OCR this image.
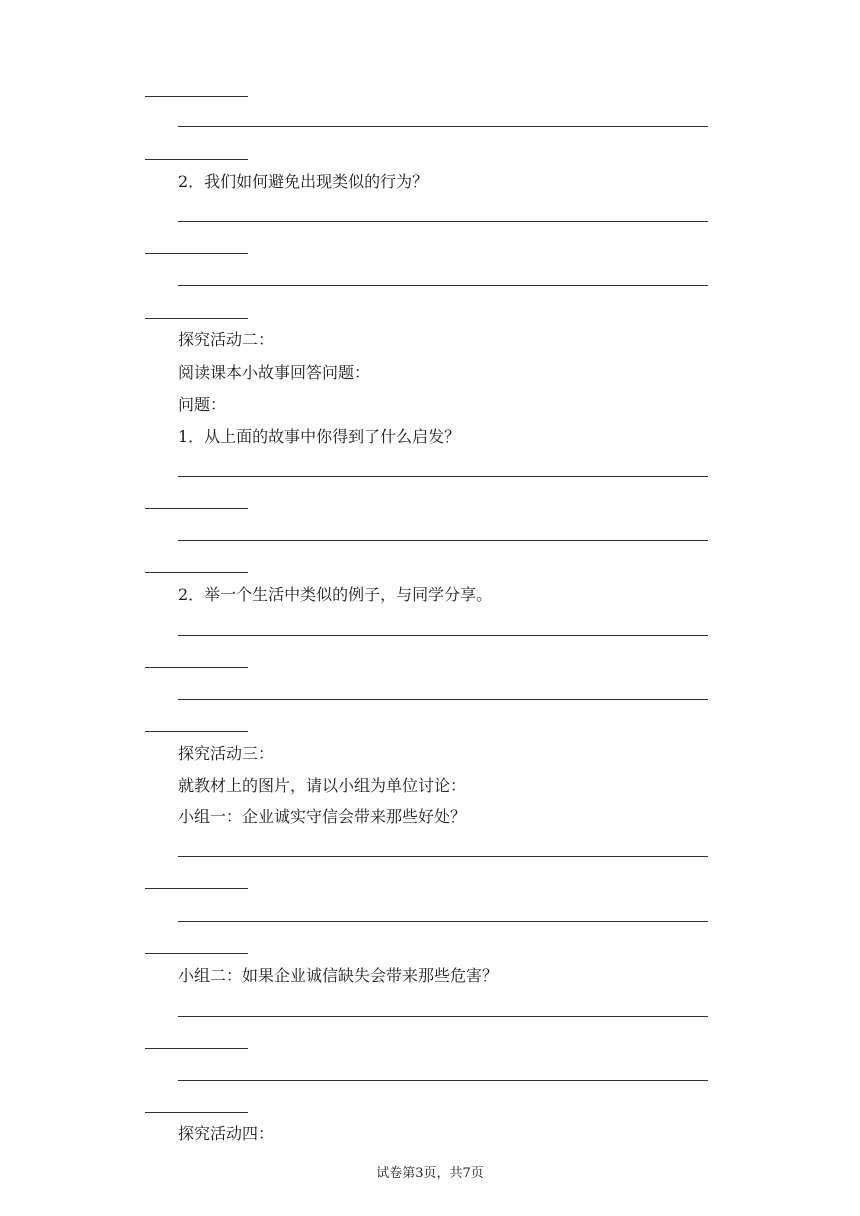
2．我们如何避免出现类似的行为？
探究活动二：
阅读课本小故事回答问题：
问题：
1．从上面的故事中你得到了什么启发？
2．举一个生活中类似的例子，与同学分享。
探究活动三：
就教材上的图片，请以小组为单位讨论：
小组一：企业诚实守信会带来那些好处？
小组二：如果企业诚信缺失会带来那些危害？
探究活动四：
试卷第3页，共7页
